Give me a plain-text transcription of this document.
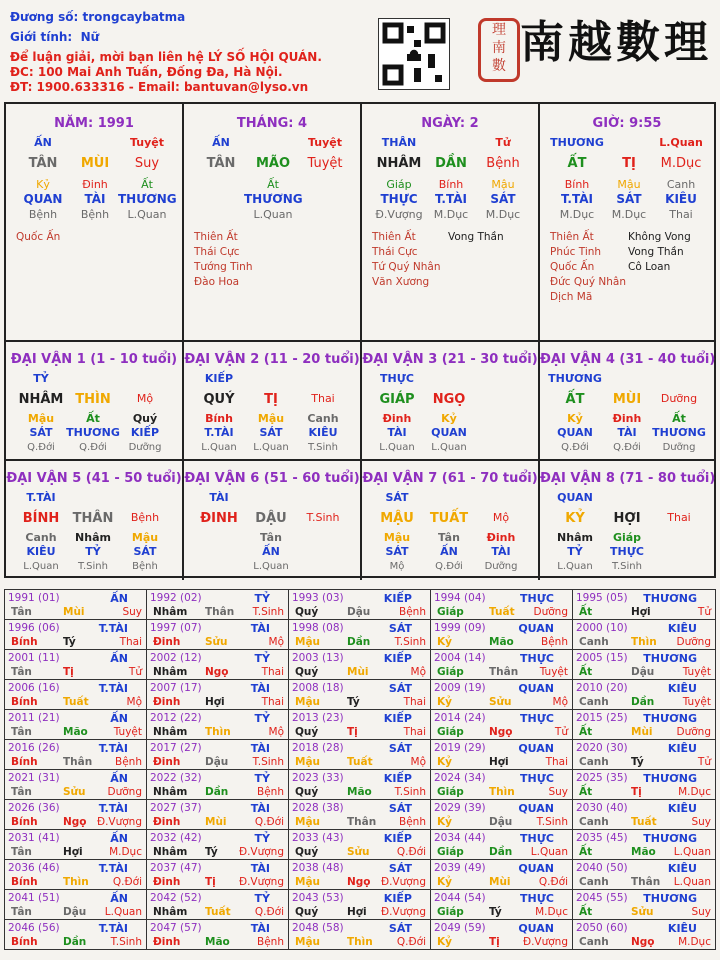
Đương số: trongcaybatma
Giới tính: Nữ
Để luận giải, mời bạn liên hệ LÝ SỐ HỘI QUÁN.
ĐC: 100 Mai Anh Tuấn, Đống Đa, Hà Nội.
ĐT: 1900.633316 - Email: bantuvan@lyso.vn
理南數 南越數理
NĂM: 1991
ẤN	Tuyệt
TÂN	MÙI	Suy
Kỷ	Đinh	Ất
QUAN	TÀI	THƯƠNG
Bệnh	Bệnh	L.Quan
Quốc Ấn
THÁNG: 4
ẤN	Tuyệt
TÂN	MÃO	Tuyệt
Ất
THƯƠNG
L.Quan
Thiên Ất
Thái Cực
Tướng Tinh
Đào Hoa
NGÀY: 2
THÂN	Tử
NHÂM	DẦN	Bệnh
Giáp	Bính	Mậu
THỰC	T.TÀI	SÁT
Đ.Vượng	M.Dục	M.Dục
Thiên Ất
Thái Cực
Tứ Quý Nhân
Văn Xương
Vong Thần
GIỜ: 9:55
THƯƠNG	L.Quan
ẤT	TỊ	M.Dục
Bính	Mậu	Canh
T.TÀI	SÁT	KIÊU
M.Dục	M.Dục	Thai
Thiên Ất
Phúc Tinh
Quốc Ấn
Đức Quý Nhân
Dịch Mã
Không Vong
Vong Thần
Cô Loan
ĐẠI VẬN 1 (1 - 10 tuổi)
TỶ
NHÂM THÌN	Mộ
Mậu	Ất	Quý
SÁT	THƯƠNG	KIẾP
Q.Đới	Q.Đới	Dưỡng
ĐẠI VẬN 2 (11 - 20 tuổi)
KIẾP
QUÝ	TỊ	Thai
Bính	Mậu	Canh
T.TÀI	SÁT	KIÊU
L.Quan	L.Quan	T.Sinh
ĐẠI VẬN 3 (21 - 30 tuổi)
THỰC
GIÁP	NGỌ
Đinh	Kỷ
TÀI	QUAN
L.Quan	L.Quan
ĐẠI VẬN 4 (31 - 40 tuổi)
THƯƠNG
ẤT	MÙI	Dưỡng
Kỷ	Đinh	Ất
QUAN	TÀI	THƯƠNG
Q.Đới	Q.Đới	Dưỡng
ĐẠI VẬN 5 (41 - 50 tuổi)
T.TÀI
BÍNH	THÂN	Bệnh
Canh	Nhâm	Mậu
KIÊU	TỶ	SÁT
L.Quan	T.Sinh	Bệnh
ĐẠI VẬN 6 (51 - 60 tuổi)
TÀI
ĐINH	DẬU	T.Sinh
Tân
ẤN
L.Quan
ĐẠI VẬN 7 (61 - 70 tuổi)
SÁT
MẬU	TUẤT	Mộ
Mậu	Tân	Đinh
SÁT	ẤN	TÀI
Mộ	Q.Đới	Dưỡng
ĐẠI VẬN 8 (71 - 80 tuổi)
QUAN
KỶ	HỢI	Thai
Nhâm	Giáp
TỶ	THỰC
L.Quan	T.Sinh
1991 (01)	ẤN
Tân	Mùi	Suy
1992 (02)	TỶ
Nhâm Thân T.Sinh
1993 (03)	KIẾP
Quý	Dậu	Bệnh
1994 (04)	THỰC
Giáp Tuất Dưỡng
1995 (05) THƯƠNG
Ất	Hợi	Tử
1996 (06)	T.TÀI
Bính Tý	Thai
1997 (07)	TÀI
Đinh Sửu	Mộ
1998 (08)	SÁT
Mậu	Dần T.Sinh
1999 (09)	QUAN
Kỷ	Mão	Bệnh
2000 (10)	KIÊU
Canh Thìn Dưỡng
2001 (11)	ẤN
Tân	Tị	Tử
2002 (12)	TỶ
Nhâm Ngọ	Thai
2003 (13)	KIẾP
Quý	Mùi	Mộ
2004 (14)	THỰC
Giáp Thân Tuyệt
2005 (15) THƯƠNG
Ất	Dậu	Tuyệt
2006 (16)	T.TÀI
Bính Tuất	Mộ
2007 (17)	TÀI
Đinh Hợi	Thai
2008 (18)	SÁT
Mậu	Tý	Thai
2009 (19)	QUAN
Kỷ	Sửu	Mộ
2010 (20)	KIÊU
Canh Dần	Tuyệt
2011 (21)	ẤN
Tân	Mão Tuyệt
2012 (22)	TỶ
Nhâm Thìn	Mộ
2013 (23)	KIẾP
Quý	Tị	Thai
2014 (24)	THỰC
Giáp Ngọ	Tử
2015 (25) THƯƠNG
Ất	Mùi Dưỡng
2016 (26)	T.TÀI
Bính Thân Bệnh
2017 (27)	TÀI
Đinh Dậu T.Sinh
2018 (28)	SÁT
Mậu	Tuất	Mộ
2019 (29)	QUAN
Kỷ	Hợi	Thai
2020 (30)	KIÊU
Canh Tý	Tử
2021 (31)	ẤN
Tân	Sửu Dưỡng
2022 (32)	TỶ
Nhâm Dần	Bệnh
2023 (33)	KIẾP
Quý	Mão T.Sinh
2024 (34)	THỰC
Giáp Thìn	Suy
2025 (35) THƯƠNG
Ất	Tị	M.Dục
2026 (36)	T.TÀI
Bính Ngọ Đ.Vượng
2027 (37)	TÀI
Đinh Mùi	Q.Đới
2028 (38)	SÁT
Mậu	Thân Bệnh
2029 (39)	QUAN
Kỷ	Dậu T.Sinh
2030 (40)	KIÊU
Canh Tuất	Suy
2031 (41)	ẤN
Tân	Hợi	M.Dục
2032 (42)	TỶ
Nhâm Tý Đ.Vượng
2033 (43)	KIẾP
Quý	Sửu	Q.Đới
2034 (44)	THỰC
Giáp Dần L.Quan
2035 (45) THƯƠNG
Ất	Mão L.Quan
2036 (46)	T.TÀI
Bính Thìn Q.Đới
2037 (47)	TÀI
Đinh Tị Đ.Vượng
2038 (48)	SÁT
Mậu	Ngọ Đ.Vượng
2039 (49)	QUAN
Kỷ	Mùi	Q.Đới
2040 (50)	KIÊU
Canh Thân L.Quan
2041 (51)	ẤN
Tân	Dậu L.Quan
2042 (52)	TỶ
Nhâm Tuất Q.Đới
2043 (53)	KIẾP
Quý	Hợi Đ.Vượng
2044 (54)	THỰC
Giáp Tý	M.Dục
2045 (55) THƯƠNG
Ất	Sửu	Suy
2046 (56)	T.TÀI
Bính Dần T.Sinh
2047 (57)	TÀI
Đinh Mão	Bệnh
2048 (58)	SÁT
Mậu	Thìn Q.Đới
2049 (59)	QUAN
Kỷ	Tị Đ.Vượng
2050 (60)	KIÊU
Canh Ngọ M.Dục
